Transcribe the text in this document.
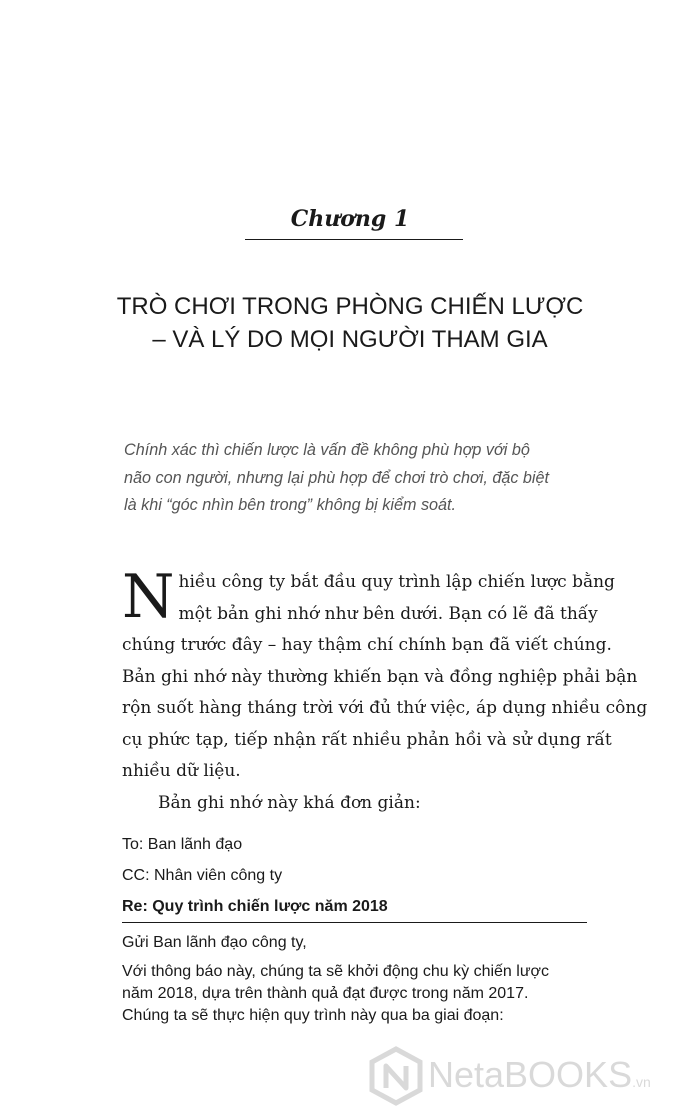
Chương 1
TRÒ CHƠI TRONG PHÒNG CHIẾN LƯỢC
– VÀ LÝ DO MỌI NGƯỜI THAM GIA
Chính xác thì chiến lược là vấn đề không phù hợp với bộ
não con người, nhưng lại phù hợp để chơi trò chơi, đặc biệt
là khi “góc nhìn bên trong” không bị kiểm soát.
N hiều công ty bắt đầu quy trình lập chiến lược bằng
một bản ghi nhớ như bên dưới. Bạn có lẽ đã thấy
chúng trước đây – hay thậm chí chính bạn đã viết chúng.
Bản ghi nhớ này thường khiến bạn và đồng nghiệp phải bận
rộn suốt hàng tháng trời với đủ thứ việc, áp dụng nhiều công
cụ phức tạp, tiếp nhận rất nhiều phản hồi và sử dụng rất
nhiều dữ liệu.
Bản ghi nhớ này khá đơn giản:
To: Ban lãnh đạo
CC: Nhân viên công ty
Re: Quy trình chiến lược năm 2018

Gửi Ban lãnh đạo công ty,

Với thông báo này, chúng ta sẽ khởi động chu kỳ chiến lược
năm 2018, dựa trên thành quả đạt được trong năm 2017.
Chúng ta sẽ thực hiện quy trình này qua ba giai đoạn:

NetaBOOKS.vn
